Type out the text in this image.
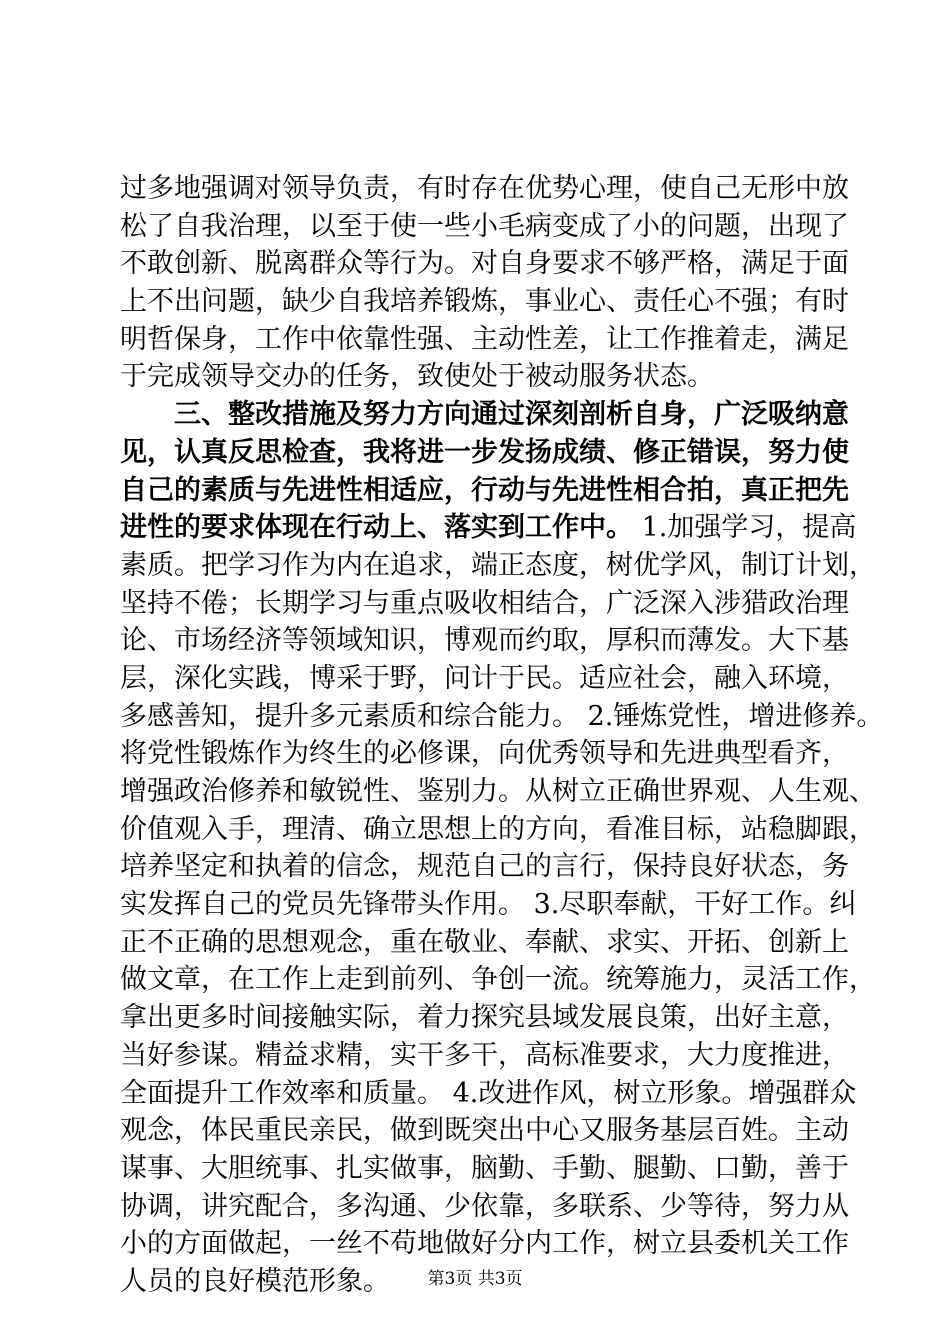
过多地强调对领导负责，有时存在优势心理，使自己无形中放
松了自我治理，以至于使一些小毛病变成了小的问题，出现了
不敢创新、脱离群众等行为。对自身要求不够严格，满足于面
上不出问题，缺少自我培养锻炼，事业心、责任心不强；有时
明哲保身，工作中依靠性强、主动性差，让工作推着走，满足
于完成领导交办的任务，致使处于被动服务状态。
三、整改措施及努力方向通过深刻剖析自身，广泛吸纳意
见，认真反思检查，我将进一步发扬成绩、修正错误，努力使
自己的素质与先进性相适应，行动与先进性相合拍，真正把先
进性的要求体现在行动上、落实到工作中。 1.加强学习，提高
素质。把学习作为内在追求，端正态度，树优学风，制订计划，
坚持不倦；长期学习与重点吸收相结合，广泛深入涉猎政治理
论、市场经济等领域知识，博观而约取，厚积而薄发。大下基
层，深化实践，博采于野，问计于民。适应社会，融入环境，
多感善知，提升多元素质和综合能力。 2.锤炼党性，增进修养。
将党性锻炼作为终生的必修课，向优秀领导和先进典型看齐，
增强政治修养和敏锐性、鉴别力。从树立正确世界观、人生观、
价值观入手，理清、确立思想上的方向，看准目标，站稳脚跟，
培养坚定和执着的信念，规范自己的言行，保持良好状态，务
实发挥自己的党员先锋带头作用。 3.尽职奉献，干好工作。纠
正不正确的思想观念，重在敬业、奉献、求实、开拓、创新上
做文章，在工作上走到前列、争创一流。统筹施力，灵活工作，
拿出更多时间接触实际，着力探究县域发展良策，出好主意，
当好参谋。精益求精，实干多干，高标准要求，大力度推进，
全面提升工作效率和质量。 4.改进作风，树立形象。增强群众
观念，体民重民亲民，做到既突出中心又服务基层百姓。主动
谋事、大胆统事、扎实做事，脑勤、手勤、腿勤、口勤，善于
协调，讲究配合，多沟通、少依靠，多联系、少等待，努力从
小的方面做起，一丝不苟地做好分内工作，树立县委机关工作
人员的良好模范形象。	第3页 共3页
